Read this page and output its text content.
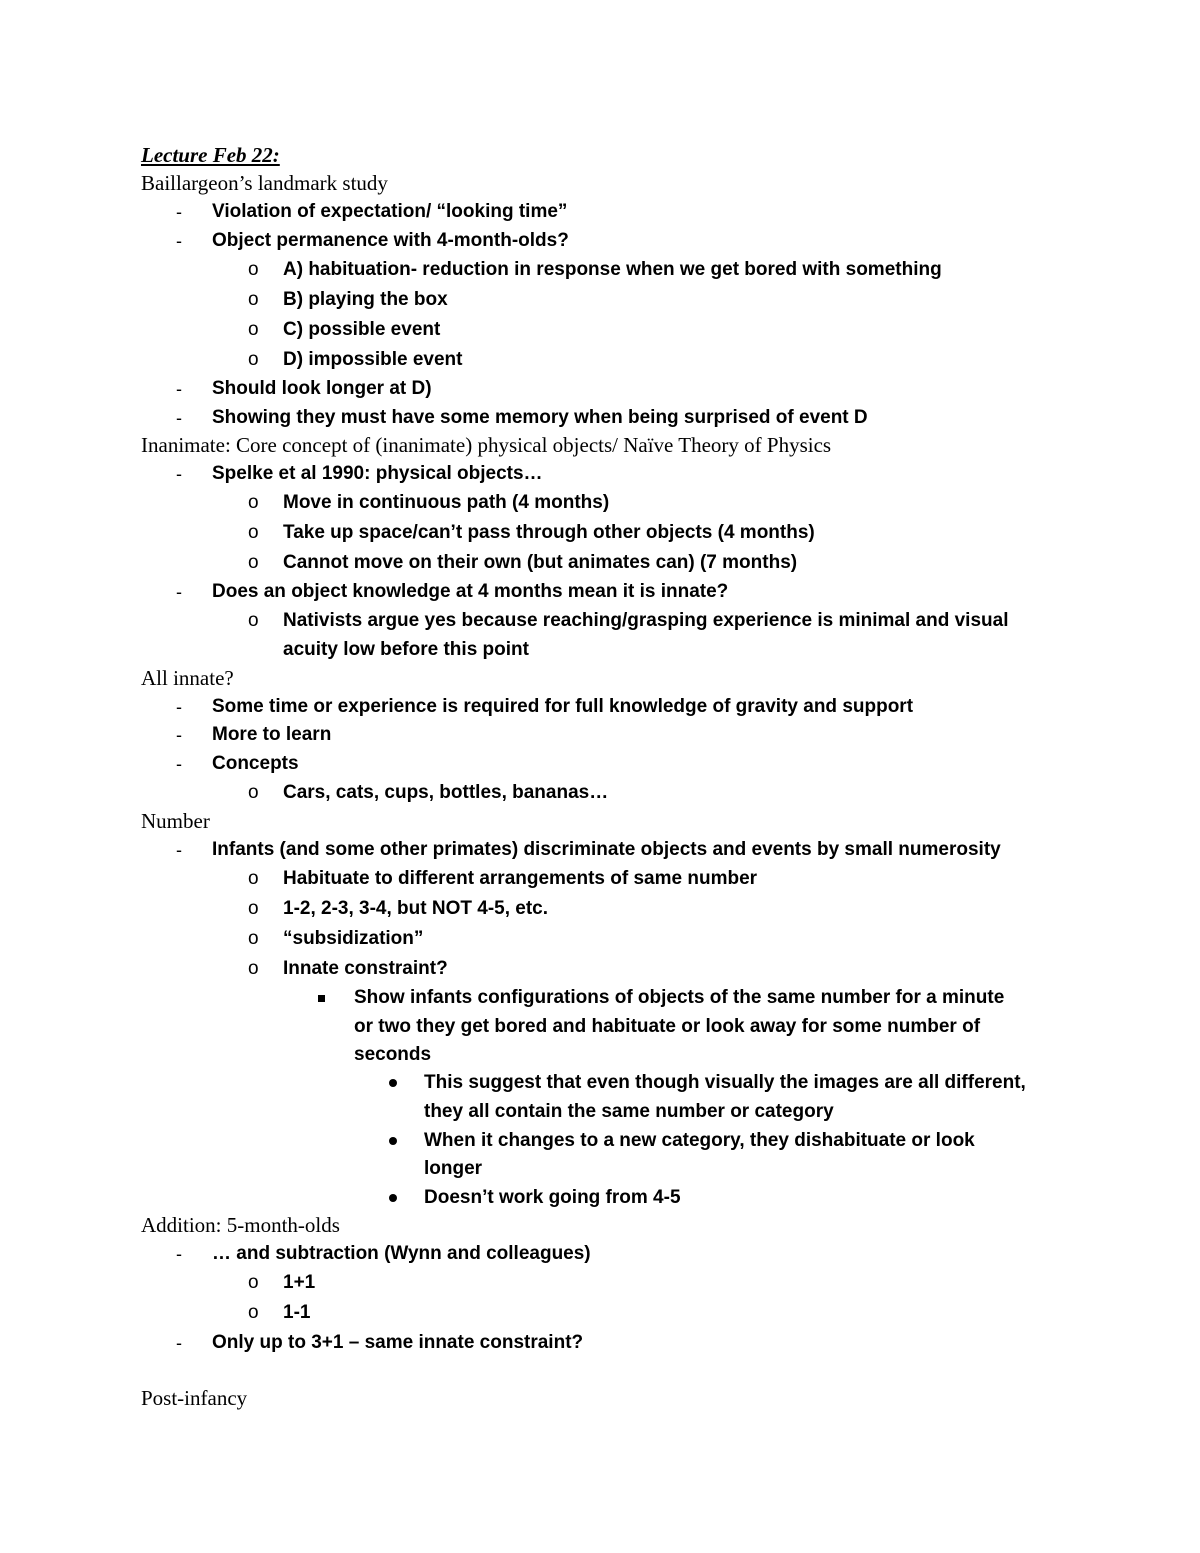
Lecture Feb 22:
Baillargeon’s landmark study
- Violation of expectation/ “looking time”
- Object permanence with 4-month-olds?
o A) habituation- reduction in response when we get bored with something
o B) playing the box
o C) possible event
o D) impossible event
- Should look longer at D)
- Showing they must have some memory when being surprised of event D
Inanimate: Core concept of (inanimate) physical objects/ Naïve Theory of Physics
- Spelke et al 1990: physical objects…
o Move in continuous path (4 months)
o Take up space/can’t pass through other objects (4 months)
o Cannot move on their own (but animates can) (7 months)
- Does an object knowledge at 4 months mean it is innate?
o Nativists argue yes because reaching/grasping experience is minimal and visual
acuity low before this point
All innate?
- Some time or experience is required for full knowledge of gravity and support
- More to learn
- Concepts
o Cars, cats, cups, bottles, bananas…
Number
- Infants (and some other primates) discriminate objects and events by small numerosity
o Habituate to different arrangements of same number
o 1-2, 2-3, 3-4, but NOT 4-5, etc.
o “subsidization”
o Innate constraint?
Show infants configurations of objects of the same number for a minute
or two they get bored and habituate or look away for some number of
seconds
This suggest that even though visually the images are all different,
they all contain the same number or category
When it changes to a new category, they dishabituate or look
longer
Doesn’t work going from 4-5
Addition: 5-month-olds
- … and subtraction (Wynn and colleagues)
o 1+1
o 1-1
- Only up to 3+1 – same innate constraint?
Post-infancy
